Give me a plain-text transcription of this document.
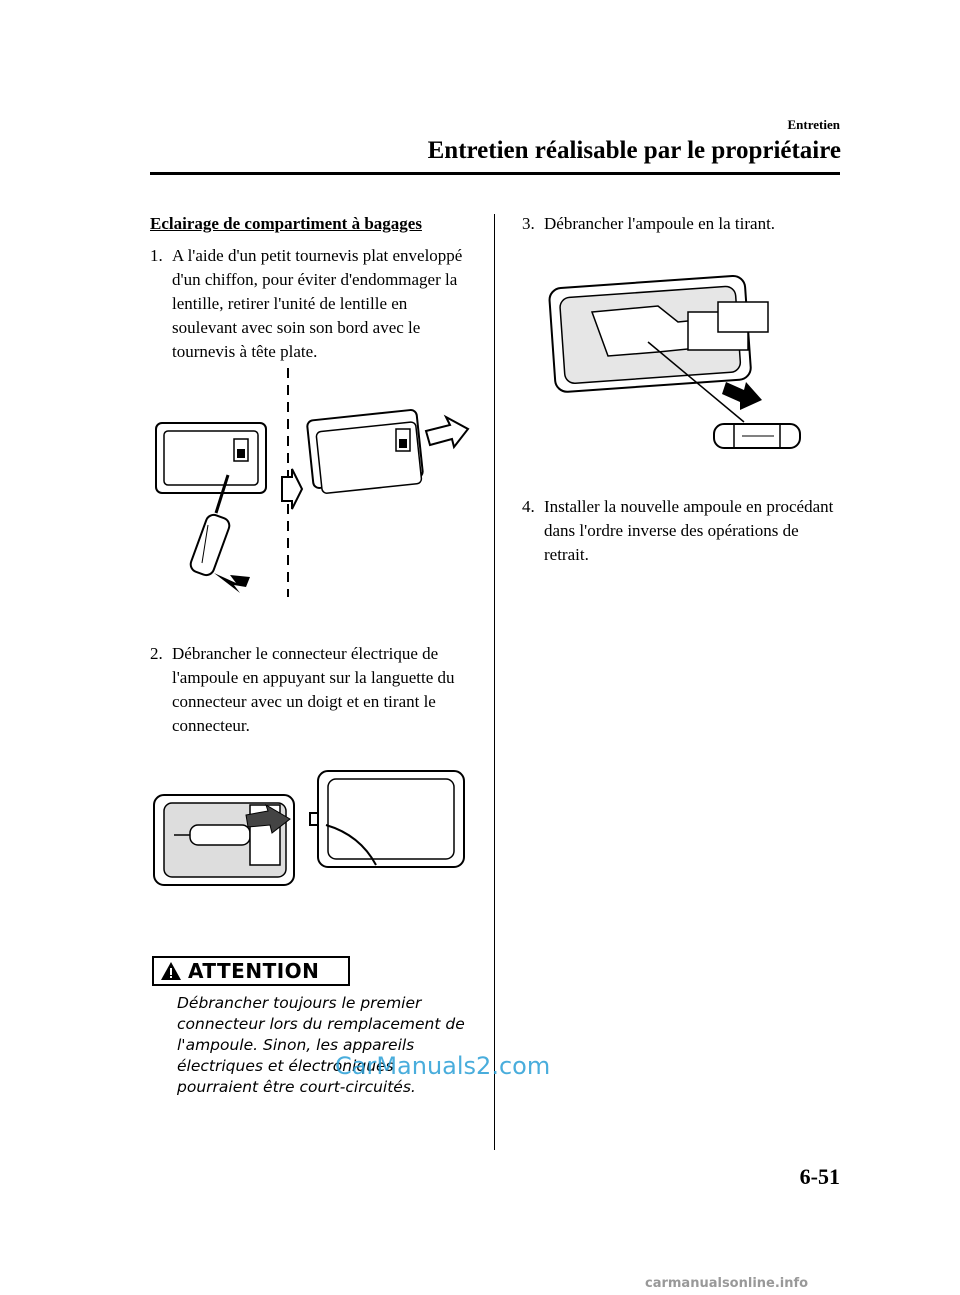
Entretien
Entretien réalisable par le propriétaire
Eclairage de compartiment à bagages
1. A l'aide d'un petit tournevis plat enveloppé d'un chiffon, pour éviter d'endommager la lentille, retirer l'unité de lentille en soulevant avec soin son bord avec le tournevis à tête plate.
2. Débrancher le connecteur électrique de l'ampoule en appuyant sur la languette du connecteur avec un doigt et en tirant le connecteur.
ATTENTION
Débrancher toujours le premier connecteur lors du remplacement de l'ampoule. Sinon, les appareils électriques et électroniques pourraient être court-circuités.
3. Débrancher l'ampoule en la tirant.
4. Installer la nouvelle ampoule en procédant dans l'ordre inverse des opérations de retrait.
CarManuals2.com
6-51
carmanualsonline.info
